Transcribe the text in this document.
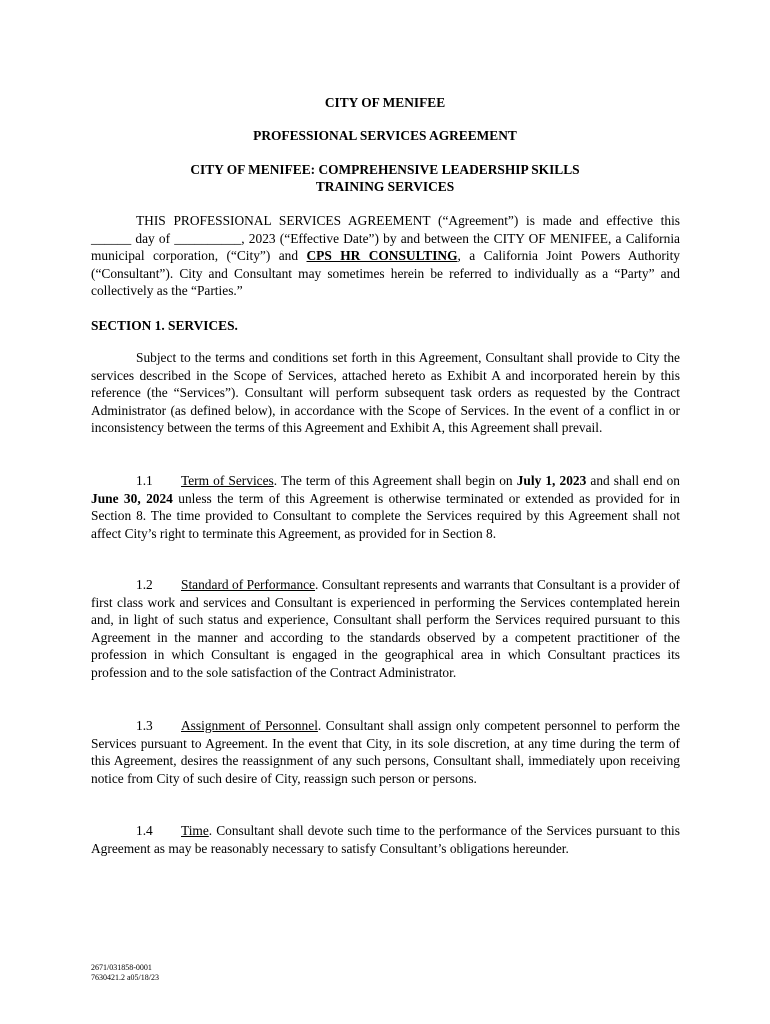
CITY OF MENIFEE
PROFESSIONAL SERVICES AGREEMENT
CITY OF MENIFEE: COMPREHENSIVE LEADERSHIP SKILLS
TRAINING SERVICES
THIS PROFESSIONAL SERVICES AGREEMENT (“Agreement”) is made and effective this ______ day of __________, 2023 (“Effective Date”) by and between the CITY OF MENIFEE, a California municipal corporation, (“City”) and CPS HR CONSULTING, a California Joint Powers Authority (“Consultant”). City and Consultant may sometimes herein be referred to individually as a “Party” and collectively as the “Parties.”
SECTION 1. SERVICES.
Subject to the terms and conditions set forth in this Agreement, Consultant shall provide to City the services described in the Scope of Services, attached hereto as Exhibit A and incorporated herein by this reference (the “Services”). Consultant will perform subsequent task orders as requested by the Contract Administrator (as defined below), in accordance with the Scope of Services. In the event of a conflict in or inconsistency between the terms of this Agreement and Exhibit A, this Agreement shall prevail.
1.1 Term of Services. The term of this Agreement shall begin on July 1, 2023 and shall end on June 30, 2024 unless the term of this Agreement is otherwise terminated or extended as provided for in Section 8. The time provided to Consultant to complete the Services required by this Agreement shall not affect City’s right to terminate this Agreement, as provided for in Section 8.
1.2 Standard of Performance. Consultant represents and warrants that Consultant is a provider of first class work and services and Consultant is experienced in performing the Services contemplated herein and, in light of such status and experience, Consultant shall perform the Services required pursuant to this Agreement in the manner and according to the standards observed by a competent practitioner of the profession in which Consultant is engaged in the geographical area in which Consultant practices its profession and to the sole satisfaction of the Contract Administrator.
1.3 Assignment of Personnel. Consultant shall assign only competent personnel to perform the Services pursuant to Agreement. In the event that City, in its sole discretion, at any time during the term of this Agreement, desires the reassignment of any such persons, Consultant shall, immediately upon receiving notice from City of such desire of City, reassign such person or persons.
1.4 Time. Consultant shall devote such time to the performance of the Services pursuant to this Agreement as may be reasonably necessary to satisfy Consultant’s obligations hereunder.
2671/031858-0001
7630421.2 a05/18/23
